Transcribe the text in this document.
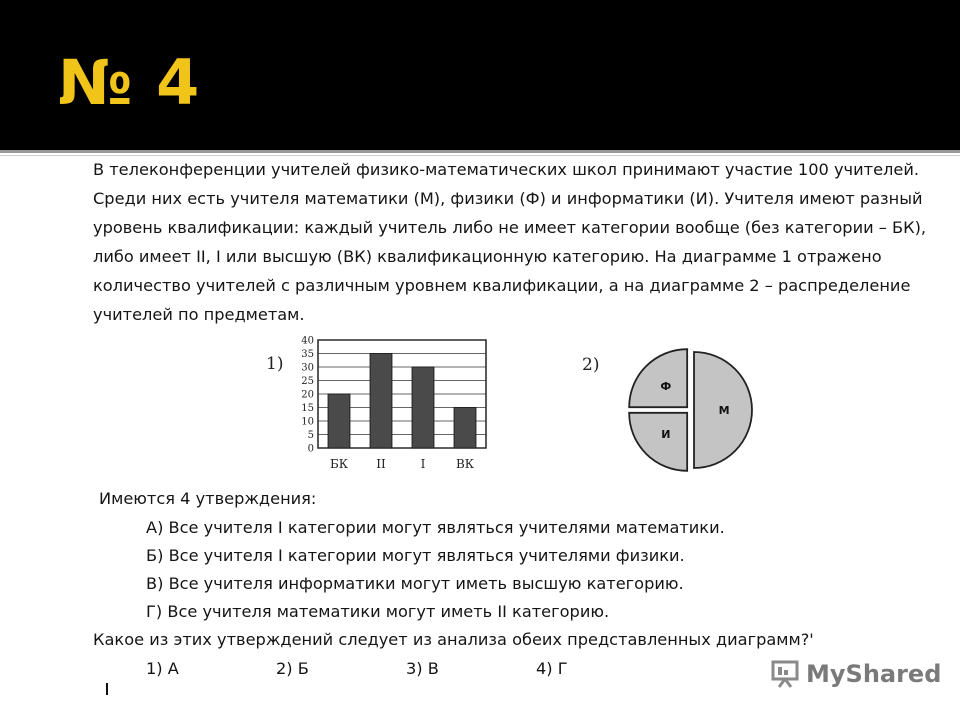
№ 4
В телеконференции учителей физико-математических школ принимают участие 100 учителей.
Среди них есть учителя математики (М), физики (Ф) и информатики (И). Учителя имеют разный
уровень квалификации: каждый учитель либо не имеет категории вообще (без категории – БК),
либо имеет II, I или высшую (ВК) квалификационную категорию. На диаграмме 1 отражено
количество учителей с различным уровнем квалификации, а на диаграмме 2 – распределение
учителей по предметам.
Имеются 4 утверждения:
А) Все учителя I категории могут являться учителями математики.
Б) Все учителя I категории могут являться учителями физики.
В) Все учителя информатики могут иметь высшую категорию.
Г) Все учителя математики могут иметь II категорию.
Какое из этих утверждений следует из анализа обеих представленных диаграмм?'
1) А	2) Б	3) В	4) Г
1)
0
5
10
15
20
25
30
35
40
БК II	I	ВК
2)
М
Ф
И
MyShared
